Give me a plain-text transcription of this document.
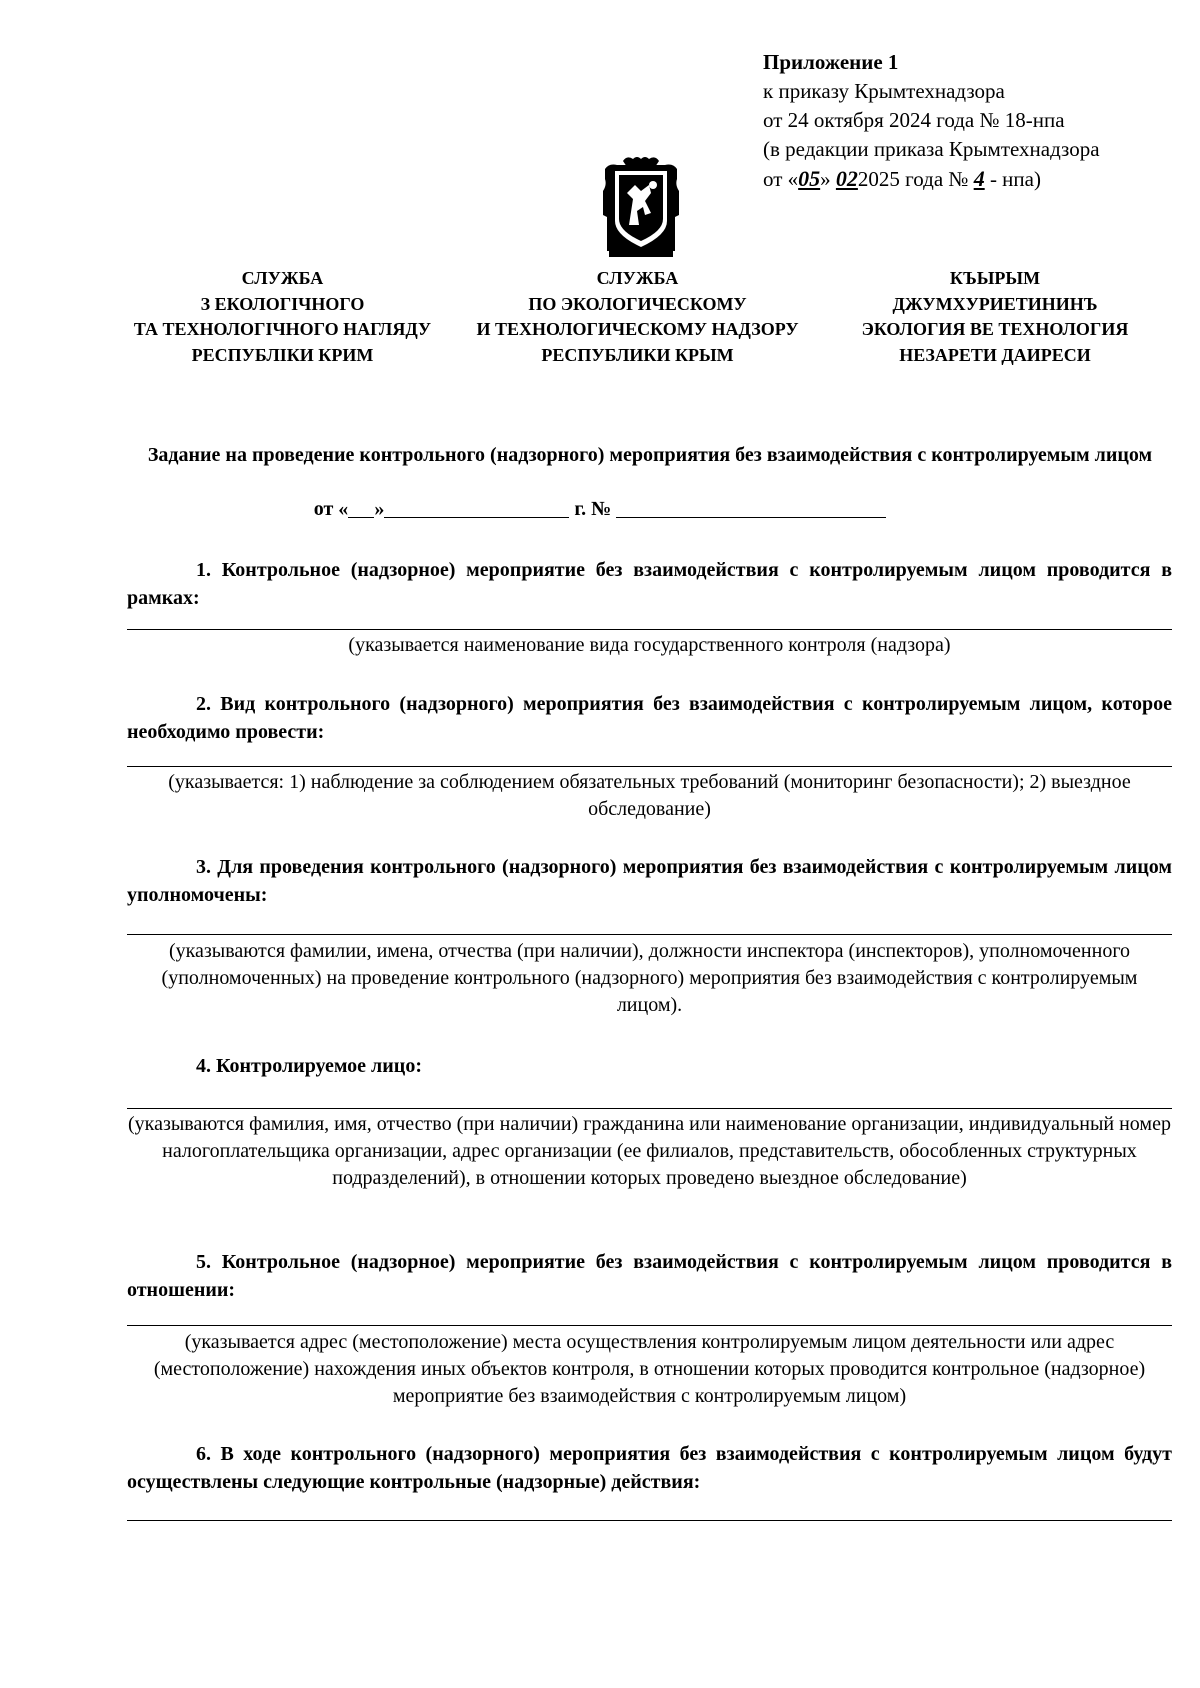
Приложение 1
к приказу Крымтехнадзора
от 24 октября 2024 года № 18-нпа
(в редакции приказа Крымтехнадзора
от «05» 022025 года № 4 - нпа)
СЛУЖБА
З ЕКОЛОГІЧНОГО
ТА ТЕХНОЛОГІЧНОГО НАГЛЯДУ
РЕСПУБЛІКИ КРИМ
СЛУЖБА
ПО ЭКОЛОГИЧЕСКОМУ
И ТЕХНОЛОГИЧЕСКОМУ НАДЗОРУ
РЕСПУБЛИКИ КРЫМ
КЪЫРЫМ
ДЖУМХУРИЕТИНИНЪ
ЭКОЛОГИЯ ВЕ ТЕХНОЛОГИЯ
НЕЗАРЕТИ ДАИРЕСИ
Задание на проведение контрольного (надзорного) мероприятия без взаимодействия с контролируемым лицом
от « »	г. №
1. Контрольное (надзорное) мероприятие без взаимодействия с контролируемым лицом проводится в рамках:
(указывается наименование вида государственного контроля (надзора)
2. Вид контрольного (надзорного) мероприятия без взаимодействия с контролируемым лицом, которое необходимо провести:
(указывается: 1) наблюдение за соблюдением обязательных требований (мониторинг безопасности); 2) выездное обследование)
3. Для проведения контрольного (надзорного) мероприятия без взаимодействия с контролируемым лицом уполномочены:
(указываются фамилии, имена, отчества (при наличии), должности инспектора (инспекторов), уполномоченного (уполномоченных) на проведение контрольного (надзорного) мероприятия без взаимодействия с контролируемым лицом).
4. Контролируемое лицо:
(указываются фамилия, имя, отчество (при наличии) гражданина или наименование организации, индивидуальный номер налогоплательщика организации, адрес организации (ее филиалов, представительств, обособленных структурных подразделений), в отношении которых проведено выездное обследование)
5. Контрольное (надзорное) мероприятие без взаимодействия с контролируемым лицом проводится в отношении:
(указывается адрес (местоположение) места осуществления контролируемым лицом деятельности или адрес (местоположение) нахождения иных объектов контроля, в отношении которых проводится контрольное (надзорное) мероприятие без взаимодействия с контролируемым лицом)
6. В ходе контрольного (надзорного) мероприятия без взаимодействия с контролируемым лицом будут осуществлены следующие контрольные (надзорные) действия:
